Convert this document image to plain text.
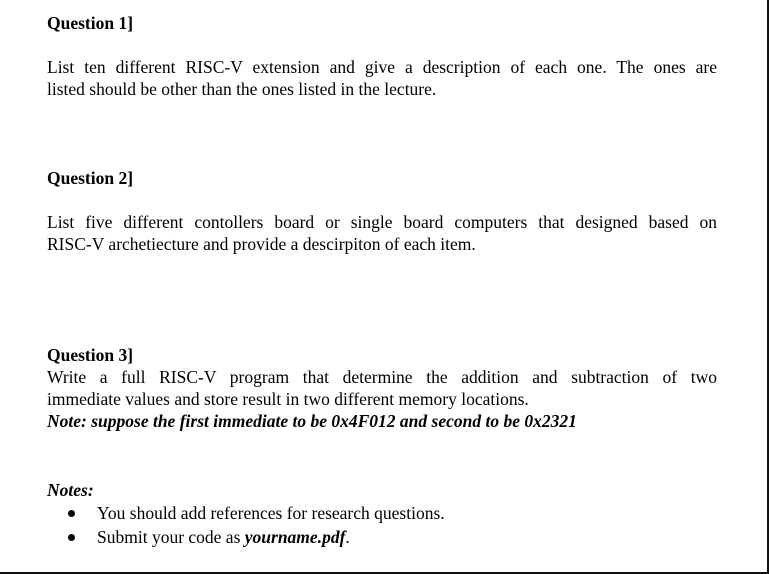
Question 1]

List ten different RISC-V extension and give a description of each one. The ones are
listed should be other than the ones listed in the lecture.

Question 2]

List five different contollers board or single board computers that designed based on
RISC-V archetiecture and provide a descirpiton of each item.

Question 3]

Write a full RISC-V program that determine the addition and subtraction of two
immediate values and store result in two different memory locations.
Note: suppose the first immediate to be 0x4F012 and second to be 0x2321

Notes:

You should add references for research questions.
Submit your code as yourname.pdf.
